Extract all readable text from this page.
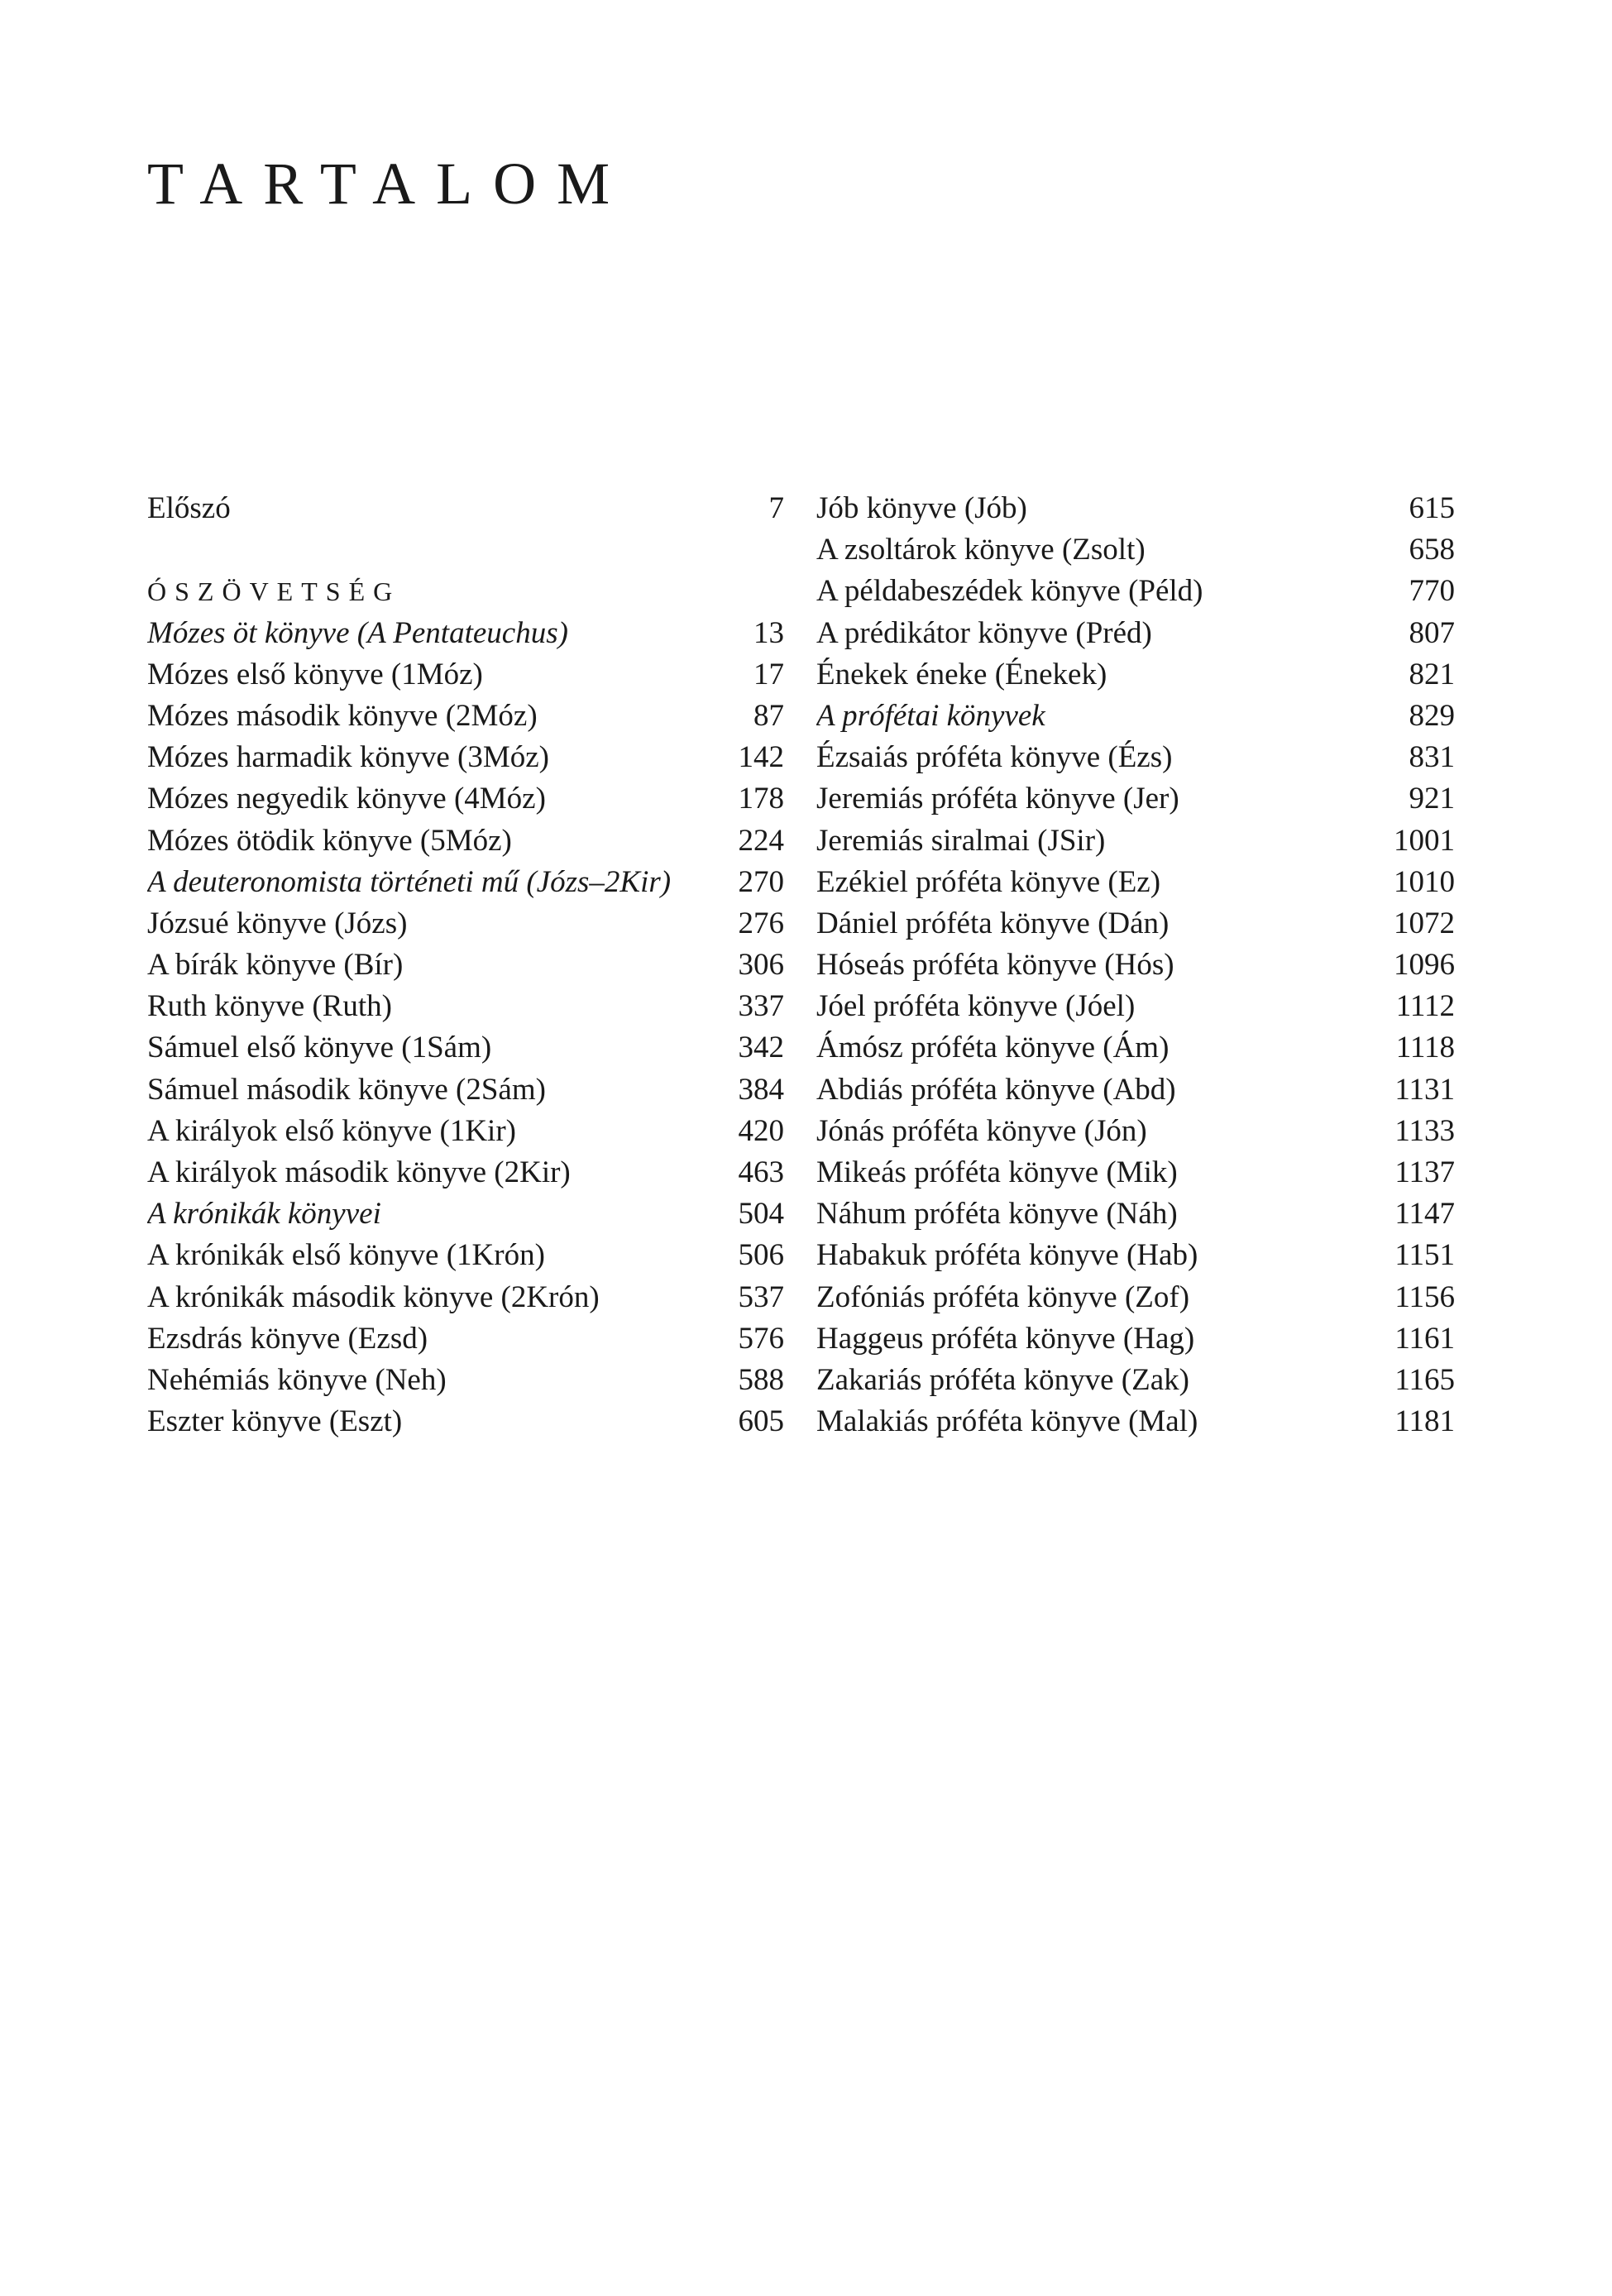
TARTALOM
Előszó	7
ÓSZÖVETSÉG
Mózes öt könyve (A Pentateuchus)	13
Mózes első könyve (1Móz)	17
Mózes második könyve (2Móz)	87
Mózes harmadik könyve (3Móz)	142
Mózes negyedik könyve (4Móz)	178
Mózes ötödik könyve (5Móz)	224
A deuteronomista történeti mű (Józs–2Kir)	270
Józsué könyve (Józs)	276
A bírák könyve (Bír)	306
Ruth könyve (Ruth)	337
Sámuel első könyve (1Sám)	342
Sámuel második könyve (2Sám)	384
A királyok első könyve (1Kir)	420
A királyok második könyve (2Kir)	463
A krónikák könyvei	504
A krónikák első könyve (1Krón)	506
A krónikák második könyve (2Krón)	537
Ezsdrás könyve (Ezsd)	576
Nehémiás könyve (Neh)	588
Eszter könyve (Eszt)	605
Jób könyve (Jób)	615
A zsoltárok könyve (Zsolt)	658
A példabeszédek könyve (Péld)	770
A prédikátor könyve (Préd)	807
Énekek éneke (Énekek)	821
A prófétai könyvek	829
Ézsaiás próféta könyve (Ézs)	831
Jeremiás próféta könyve (Jer)	921
Jeremiás siralmai (JSir)	1001
Ezékiel próféta könyve (Ez)	1010
Dániel próféta könyve (Dán)	1072
Hóseás próféta könyve (Hós)	1096
Jóel próféta könyve (Jóel)	1112
Ámósz próféta könyve (Ám)	1118
Abdiás próféta könyve (Abd)	1131
Jónás próféta könyve (Jón)	1133
Mikeás próféta könyve (Mik)	1137
Náhum próféta könyve (Náh)	1147
Habakuk próféta könyve (Hab)	1151
Zofóniás próféta könyve (Zof)	1156
Haggeus próféta könyve (Hag)	1161
Zakariás próféta könyve (Zak)	1165
Malakiás próféta könyve (Mal)	1181
